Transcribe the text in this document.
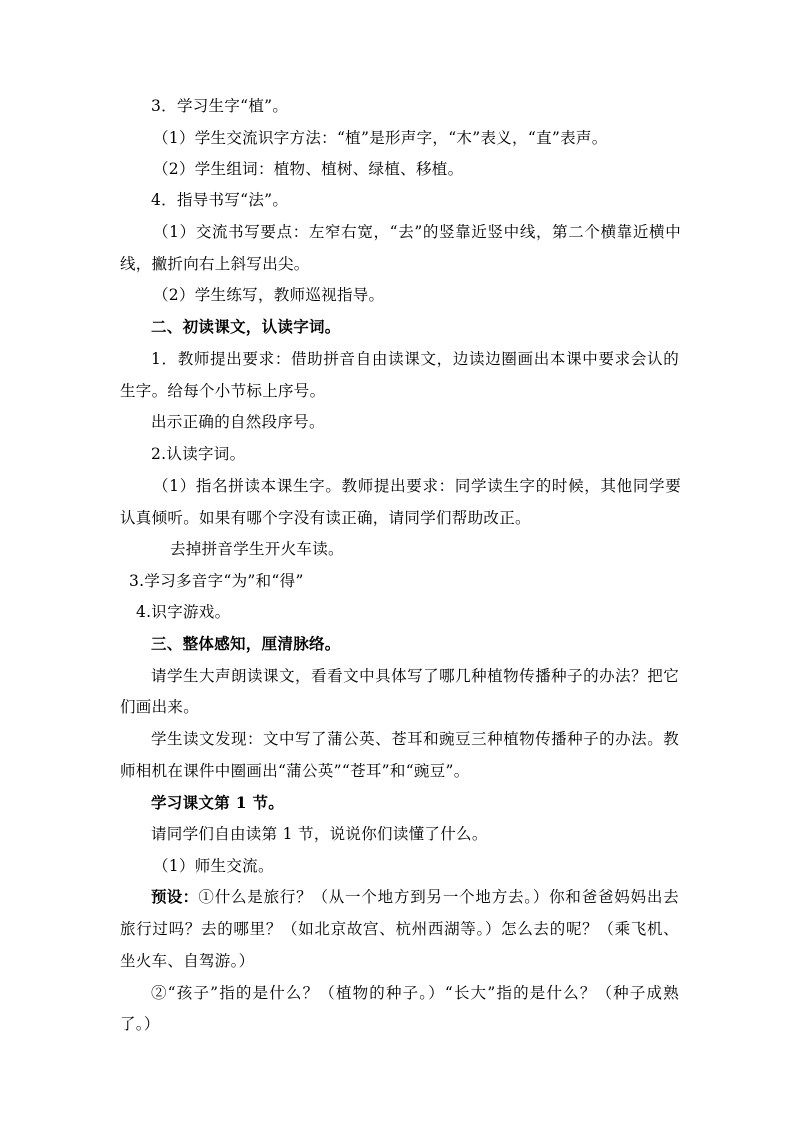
3．学习生字“植”。
（1）学生交流识字方法：“植”是形声字，“木”表义，“直”表声。
（2）学生组词：植物、植树、绿植、移植。
4．指导书写“法”。
（1）交流书写要点：左窄右宽，“去”的竖靠近竖中线，第二个横靠近横中
线，撇折向右上斜写出尖。
（2）学生练写，教师巡视指导。
二、初读课文，认读字词。
1．教师提出要求：借助拼音自由读课文，边读边圈画出本课中要求会认的
生字。给每个小节标上序号。
出示正确的自然段序号。
2.认读字词。
（1）指名拼读本课生字。教师提出要求：同学读生字的时候，其他同学要
认真倾听。如果有哪个字没有读正确，请同学们帮助改正。
去掉拼音学生开火车读。
3.学习多音字“为”和“得”
4.识字游戏。
三、整体感知，厘清脉络。
请学生大声朗读课文，看看文中具体写了哪几种植物传播种子的办法？把它
们画出来。
学生读文发现：文中写了蒲公英、苍耳和豌豆三种植物传播种子的办法。教
师相机在课件中圈画出“蒲公英”“苍耳”和“豌豆”。
学习课文第 1 节。
请同学们自由读第 1 节，说说你们读懂了什么。
（1）师生交流。
预设： ①什么是旅行？（从一个地方到另一个地方去。）你和爸爸妈妈出去
旅行过吗？去的哪里？（如北京故宫、杭州西湖等。）怎么去的呢？（乘飞机、
坐火车、自驾游。）
②“孩子”指的是什么？（植物的种子。）“长大”指的是什么？（种子成熟
了。）
